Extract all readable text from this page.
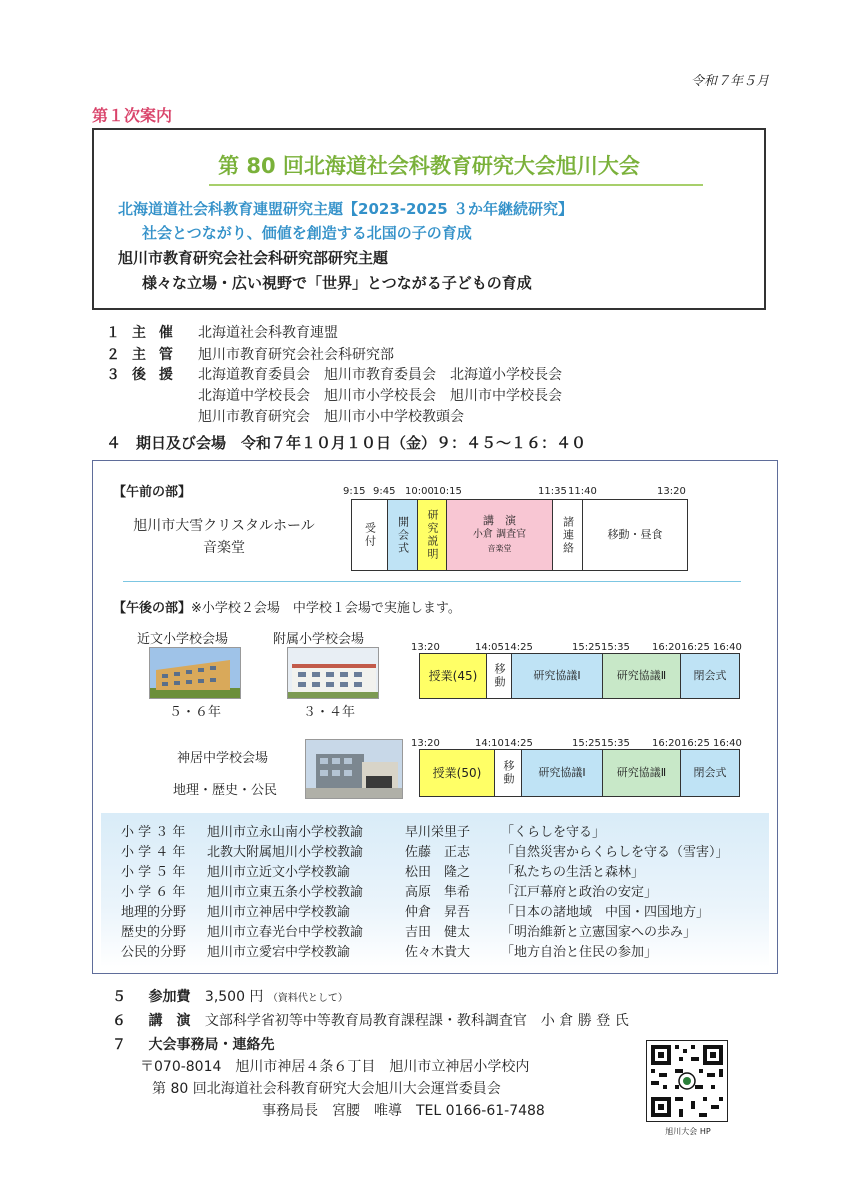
令和７年５月
第１次案内
第 80 回北海道社会科教育研究大会旭川大会
北海道道社会科教育連盟研究主題【2023-2025 ３か年継続研究】
社会とつながり、価値を創造する北国の子の育成
旭川市教育研究会社会科研究部研究主題
様々な立場・広い視野で「世界」とつながる子どもの育成
１ 主 催 北海道社会科教育連盟
２ 主 管 旭川市教育研究会社会科研究部
３ 後 援 北海道教育委員会　旭川市教育委員会　北海道小学校長会
北海道中学校長会　旭川市小学校長会　旭川市中学校長会
旭川市教育研究会　旭川市小中学校教頭会
４　期日及び会場　令和７年１０月１０日（金）９：４５～１６：４０
【午前の部】
旭川市大雪クリスタルホール
音楽堂
9:15 9:45 10:00 10:15	11:35 11:40	13:20
受付 開会式 研究説明	講　演
小倉 調査官
音楽堂	諸連絡	移動・昼食
【午後の部】※小学校２会場　中学校１会場で実施します。
近文小学校会場	附属小学校会場
５・６年	３・４年
13:20	14:05 14:25	15:25 15:35 16:20 16:25 16:40
授業(45)	移動	研究協議Ⅰ	研究協議Ⅱ	閉会式
神居中学校会場
地理・歴史・公民
13:20	14:10 14:25	15:25 15:35 16:20 16:25 16:40
授業(50)	移動	研究協議Ⅰ	研究協議Ⅱ	閉会式
小 学 ３ 年 旭川市立永山南小学校教諭	早川栄里子 「くらしを守る」
小 学 ４ 年 北教大附属旭川小学校教諭	佐藤　正志 「自然災害からくらしを守る（雪害）」
小 学 ５ 年 旭川市立近文小学校教諭	松田　隆之 「私たちの生活と森林」
小 学 ６ 年 旭川市立東五条小学校教諭	高原　隼希 「江戸幕府と政治の安定」
地理的分野 旭川市立神居中学校教諭	仲倉　昇吾 「日本の諸地域　中国・四国地方」
歴史的分野 旭川市立春光台中学校教諭	吉田　健太 「明治維新と立憲国家への歩み」
公民的分野 旭川市立愛宕中学校教諭	佐々木貴大 「地方自治と住民の参加」
５ 参加費 3,500 円 （資料代として）
６ 講　演 文部科学省初等中等教育局教育課程課・教科調査官　小 倉 勝 登 氏
７ 大会事務局・連絡先
〒070-8014　旭川市神居４条６丁目　旭川市立神居小学校内
第 80 回北海道社会科教育研究大会旭川大会運営委員会
事務局長　宮腰　唯導　TEL 0166-61-7488
旭川大会 HP
